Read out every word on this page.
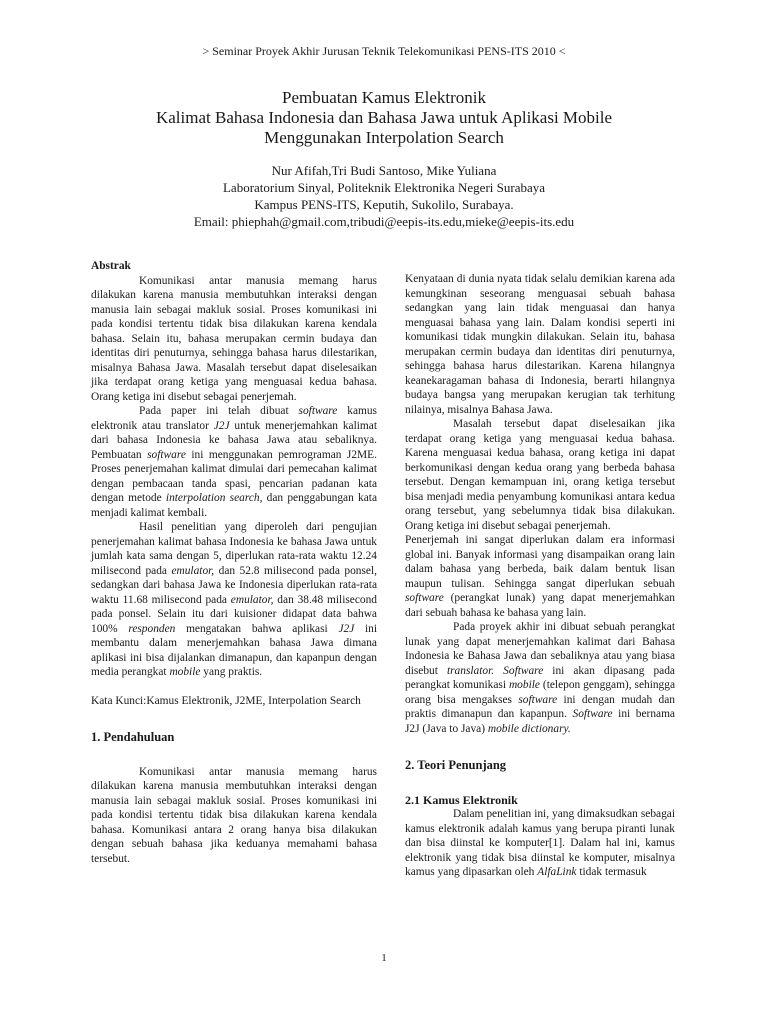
> Seminar Proyek Akhir Jurusan Teknik Telekomunikasi PENS-ITS 2010 <
Pembuatan Kamus Elektronik
Kalimat Bahasa Indonesia dan Bahasa Jawa untuk Aplikasi Mobile
Menggunakan Interpolation Search
Nur Afifah,Tri Budi Santoso, Mike Yuliana
Laboratorium Sinyal, Politeknik Elektronika Negeri Surabaya
Kampus PENS-ITS, Keputih, Sukolilo, Surabaya.
Email: phiephah@gmail.com,tribudi@eepis-its.edu,mieke@eepis-its.edu

Abstrak

Komunikasi antar manusia memang harus dilakukan karena manusia membutuhkan interaksi dengan manusia lain sebagai makluk sosial. Proses komunikasi ini pada kondisi tertentu tidak bisa dilakukan karena kendala bahasa. Selain itu, bahasa merupakan cermin budaya dan identitas diri penuturnya, sehingga bahasa harus dilestarikan, misalnya Bahasa Jawa. Masalah tersebut dapat diselesaikan jika terdapat orang ketiga yang menguasai kedua bahasa. Orang ketiga ini disebut sebagai penerjemah.

Pada paper ini telah dibuat software kamus elektronik atau translator J2J untuk menerjemahkan kalimat dari bahasa Indonesia ke bahasa Jawa atau sebaliknya. Pembuatan software ini menggunakan pemrograman J2ME. Proses penerjemahan kalimat dimulai dari pemecahan kalimat dengan pembacaan tanda spasi, pencarian padanan kata dengan metode interpolation search, dan penggabungan kata menjadi kalimat kembali.

Hasil penelitian yang diperoleh dari pengujian penerjemahan kalimat bahasa Indonesia ke bahasa Jawa untuk jumlah kata sama dengan 5, diperlukan rata-rata waktu 12.24 milisecond pada emulator, dan 52.8 milisecond pada ponsel, sedangkan dari bahasa Jawa ke Indonesia diperlukan rata-rata waktu 11.68 milisecond pada emulator, dan 38.48 milisecond pada ponsel. Selain itu dari kuisioner didapat data bahwa 100% responden mengatakan bahwa aplikasi J2J ini membantu dalam menerjemahkan bahasa Jawa dimana aplikasi ini bisa dijalankan dimanapun, dan kapanpun dengan media perangkat mobile yang praktis.

Kata Kunci:Kamus Elektronik, J2ME, Interpolation Search

1. Pendahuluan

Komunikasi antar manusia memang harus dilakukan karena manusia membutuhkan interaksi dengan manusia lain sebagai makluk sosial. Proses komunikasi ini pada kondisi tertentu tidak bisa dilakukan karena kendala bahasa. Komunikasi antara 2 orang hanya bisa dilakukan dengan sebuah bahasa jika keduanya memahami bahasa tersebut.

Kenyataan di dunia nyata tidak selalu demikian karena ada kemungkinan seseorang menguasai sebuah bahasa sedangkan yang lain tidak menguasai dan hanya menguasai bahasa yang lain. Dalam kondisi seperti ini komunikasi tidak mungkin dilakukan. Selain itu, bahasa merupakan cermin budaya dan identitas diri penuturnya, sehingga bahasa harus dilestarikan. Karena hilangnya keanekaragaman bahasa di Indonesia, berarti hilangnya budaya bangsa yang merupakan kerugian tak terhitung nilainya, misalnya Bahasa Jawa.

Masalah tersebut dapat diselesaikan jika terdapat orang ketiga yang menguasai kedua bahasa. Karena menguasai kedua bahasa, orang ketiga ini dapat berkomunikasi dengan kedua orang yang berbeda bahasa tersebut. Dengan kemampuan ini, orang ketiga tersebut bisa menjadi media penyambung komunikasi antara kedua orang tersebut, yang sebelumnya tidak bisa dilakukan. Orang ketiga ini disebut sebagai penerjemah.

Penerjemah ini sangat diperlukan dalam era informasi global ini. Banyak informasi yang disampaikan orang lain dalam bahasa yang berbeda, baik dalam bentuk lisan maupun tulisan. Sehingga sangat diperlukan sebuah software (perangkat lunak) yang dapat menerjemahkan dari sebuah bahasa ke bahasa yang lain.

Pada proyek akhir ini dibuat sebuah perangkat lunak yang dapat menerjemahkan kalimat dari Bahasa Indonesia ke Bahasa Jawa dan sebaliknya atau yang biasa disebut translator. Software ini akan dipasang pada perangkat komunikasi mobile (telepon genggam), sehingga orang bisa mengakses software ini dengan mudah dan praktis dimanapun dan kapanpun. Software ini bernama J2J (Java to Java) mobile dictionary.

2. Teori Penunjang

2.1 Kamus Elektronik

Dalam penelitian ini, yang dimaksudkan sebagai kamus elektronik adalah kamus yang berupa piranti lunak dan bisa diinstal ke komputer[1]. Dalam hal ini, kamus elektronik yang tidak bisa diinstal ke komputer, misalnya kamus yang dipasarkan oleh AlfaLink tidak termasuk

1
